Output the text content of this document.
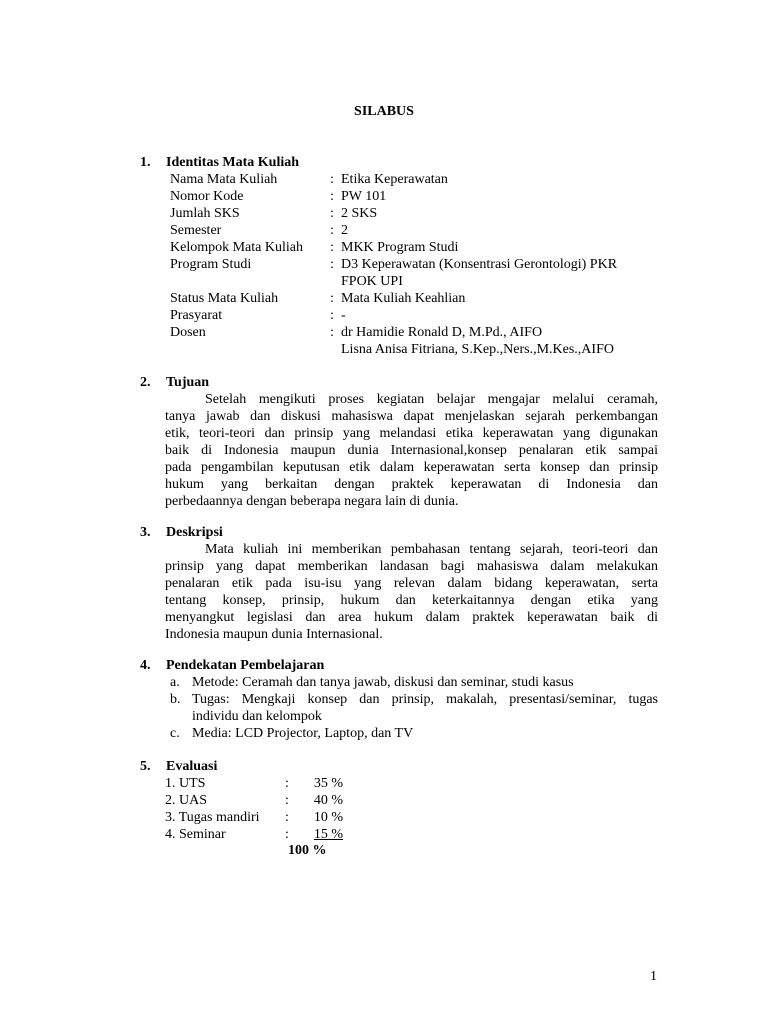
SILABUS
1. Identitas Mata Kuliah
Nama Mata Kuliah	: Etika Keperawatan
Nomor Kode	: PW 101
Jumlah SKS	: 2 SKS
Semester	: 2
Kelompok Mata Kuliah : MKK Program Studi
Program Studi	: D3 Keperawatan (Konsentrasi Gerontologi) PKR
FPOK UPI
Status Mata Kuliah	: Mata Kuliah Keahlian
Prasyarat	: -
Dosen	: dr Hamidie Ronald D, M.Pd., AIFO
Lisna Anisa Fitriana, S.Kep.,Ners.,M.Kes.,AIFO
2. Tujuan
Setelah mengikuti proses kegiatan belajar mengajar melalui ceramah,
tanya jawab dan diskusi mahasiswa dapat menjelaskan sejarah perkembangan
etik, teori-teori dan prinsip yang melandasi etika keperawatan yang digunakan
baik di Indonesia maupun dunia Internasional,konsep penalaran etik sampai
pada pengambilan keputusan etik dalam keperawatan serta konsep dan prinsip
hukum yang berkaitan dengan praktek keperawatan di Indonesia dan
perbedaannya dengan beberapa negara lain di dunia.
3. Deskripsi
Mata kuliah ini memberikan pembahasan tentang sejarah, teori-teori dan
prinsip yang dapat memberikan landasan bagi mahasiswa dalam melakukan
penalaran etik pada isu-isu yang relevan dalam bidang keperawatan, serta
tentang konsep, prinsip, hukum dan keterkaitannya dengan etika yang
menyangkut legislasi dan area hukum dalam praktek keperawatan baik di
Indonesia maupun dunia Internasional.
4. Pendekatan Pembelajaran
a. Metode: Ceramah dan tanya jawab, diskusi dan seminar, studi kasus
b. Tugas: Mengkaji konsep dan prinsip, makalah, presentasi/seminar, tugas
individu dan kelompok
c. Media: LCD Projector, Laptop, dan TV
5. Evaluasi
1. UTS	: 35 %
2. UAS	: 40 %
3. Tugas mandiri : 10 %
4. Seminar	: 15 %
100 %
1
